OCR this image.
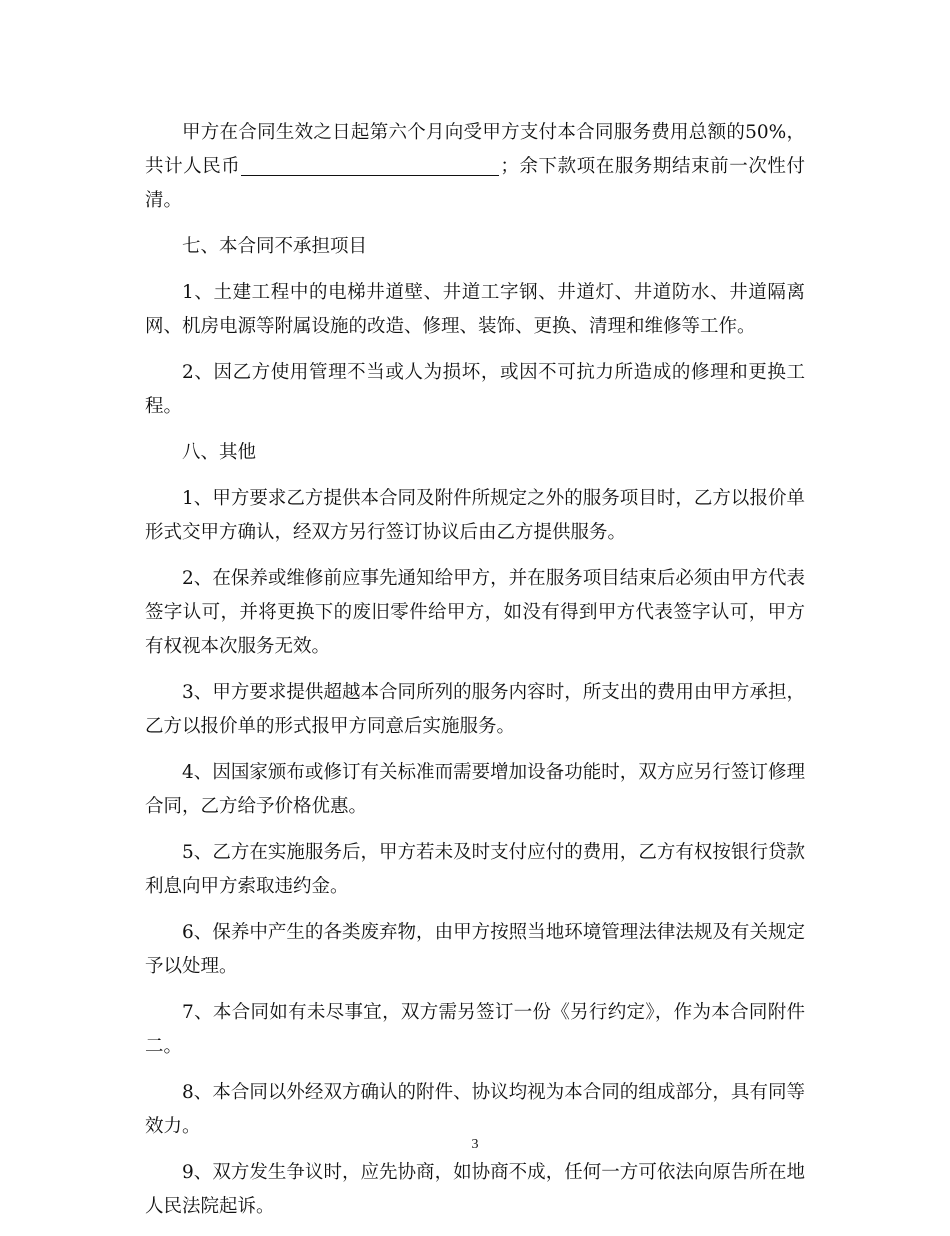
甲方在合同生效之日起第六个月向受甲方支付本合同服务费用总额的50%，共计人民币	；余下款项在服务期结束前一次性付清。

七、本合同不承担项目

1、土建工程中的电梯井道壁、井道工字钢、井道灯、井道防水、井道隔离网、机房电源等附属设施的改造、修理、装饰、更换、清理和维修等工作。

2、因乙方使用管理不当或人为损坏，或因不可抗力所造成的修理和更换工程。

八、其他

1、甲方要求乙方提供本合同及附件所规定之外的服务项目时，乙方以报价单形式交甲方确认，经双方另行签订协议后由乙方提供服务。

2、在保养或维修前应事先通知给甲方，并在服务项目结束后必须由甲方代表签字认可，并将更换下的废旧零件给甲方，如没有得到甲方代表签字认可，甲方有权视本次服务无效。

3、甲方要求提供超越本合同所列的服务内容时，所支出的费用由甲方承担，乙方以报价单的形式报甲方同意后实施服务。

4、因国家颁布或修订有关标准而需要增加设备功能时，双方应另行签订修理合同，乙方给予价格优惠。

5、乙方在实施服务后，甲方若未及时支付应付的费用，乙方有权按银行贷款利息向甲方索取违约金。

6、保养中产生的各类废弃物，由甲方按照当地环境管理法律法规及有关规定予以处理。

7、本合同如有未尽事宜，双方需另签订一份《另行约定》，作为本合同附件二。

8、本合同以外经双方确认的附件、协议均视为本合同的组成部分，具有同等效力。

9、双方发生争议时，应先协商，如协商不成，任何一方可依法向原告所在地人民法院起诉。

3
